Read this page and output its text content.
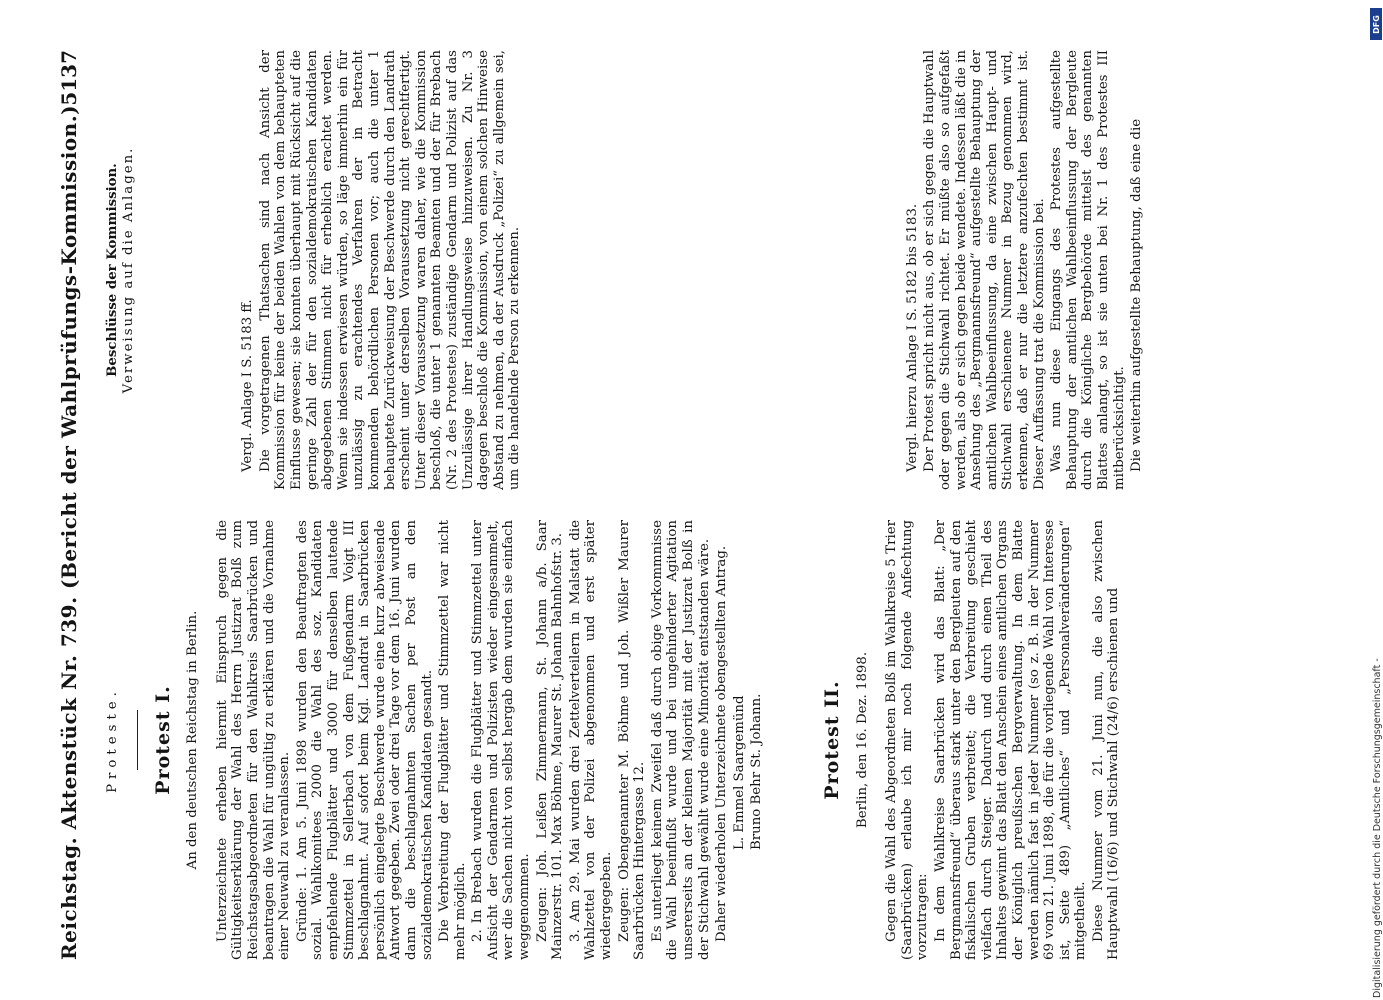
Reichstag. Aktenstück Nr. 739. (Bericht der Wahlprüfungs-Kommission.)
5137
Proteste. Protest I. An den deutschen Reichstag in Berlin. Unterzeichnete erheben hiermit Einspruch gegen die Gültigkeitserklärung der Wahl des Herrn Justizrat Bolß zum Reichstagsabgeordneten für den Wahlkreis Saarbrücken und beantragen die Wahl für ungültig zu erklären und die Vornahme einer Neuwahl zu veranlassen. Gründe: 1. Am 5. Juni 1898 wurden den Beauftragten des sozial. Wahlkomitees 2000 die Wahl des soz. Kandidaten empfehlende Flugblätter und 3000 für denselben lautende Stimmzettel in Sellerbach von dem Fußgendarm Voigt III beschlagnahmt. Auf sofort beim Kgl. Landrat in Saarbrücken persönlich eingelegte Beschwerde wurde eine kurz abweisende Antwort gegeben. Zwei oder drei Tage vor dem 16. Juni wurden dann die beschlagnahmten Sachen per Post an den sozialdemokratischen Kandidaten gesandt. Die Verbreitung der Flugblätter und Stimmzettel war nicht mehr möglich. 2. In Brebach wurden die Flugblätter und Stimmzettel unter Aufsicht der Gendarmen und Polizisten wieder eingesammelt, wer die Sachen nicht von selbst hergab dem wurden sie einfach weggenommen. Zeugen: Joh. Leißen Zimmermann, St. Johann a/b. Saar Mainzerstr. 101. Max Böhme, Maurer St. Johann Bahnhofstr. 3. 3. Am 29. Mai wurden drei Zettelverteilern in Malstatt die Wahlzettel von der Polizei abgenommen und erst später wiedergegeben. Zeugen: Obengenannter M. Böhme und Joh. Wißler Maurer Saarbrücken Hintergasse 12. Es unterliegt keinem Zweifel daß durch obige Vorkommnisse die Wahl beeinflußt wurde und bei ungehinderter Agitation unsererseits an der kleinen Majorität mit der Justizrat Bolß in der Stichwahl gewählt wurde eine Minorität entstanden wäre. Daher wiederholen Unterzeichnete obengestellten Antrag. L. Emmel Saargemünd Bruno Behr St. Johann.	Protest II. Berlin, den 16. Dez. 1898. Gegen die Wahl des Abgeordneten Bolß im Wahlkreise 5 Trier (Saarbrücken) erlaube ich mir noch folgende Anfechtung vorzutragen: In dem Wahlkreise Saarbrücken wird das Blatt: „Der Bergmannsfreund“ überaus stark unter den Bergleuten auf den fiskalischen Gruben verbreitet; die Verbreitung geschieht vielfach durch Steiger. Dadurch und durch einen Theil des Inhaltes gewinnt das Blatt den Anschein eines amtlichen Organs der Königlich preußischen Bergverwaltung. In dem Blatte werden nämlich fast in jeder Nummer (so z. B. in der Nummer 69 vom 21. Juni 1898, die für die vorliegende Wahl von Interesse ist, Seite 489) „Amtliches“ und „Personalveränderungen“ mitgetheilt. Diese Nummer vom 21. Juni nun, die also zwischen Hauptwahl (16/6) und Stichwahl (24/6) erschienen und

Beschlüsse der Kommission. Verweisung auf die Anlagen.	Vergl. Anlage I S. 5183 ff. Die vorgetragenen Thatsachen sind nach Ansicht der Kommission für keine der beiden Wahlen von dem behaupteten Einflusse gewesen; sie konnten überhaupt mit Rücksicht auf die geringe Zahl der für den sozialdemokratischen Kandidaten abgegebenen Stimmen nicht für erheblich erachtet werden. Wenn sie indessen erwiesen würden, so läge immerhin ein für unzulässig zu erachtendes Verfahren der in Betracht kommenden behördlichen Personen vor; auch die unter 1 behauptete Zurückweisung der Beschwerde durch den Landrath erscheint unter derselben Voraussetzung nicht gerechtfertigt. Unter dieser Voraussetzung waren daher, wie die Kommission beschloß, die unter 1 genannten Beamten und der für Brebach (Nr. 2 des Protestes) zuständige Gendarm und Polizist auf das Unzulässige ihrer Handlungsweise hinzuweisen. Zu Nr. 3 dagegen beschloß die Kommission, von einem solchen Hinweise Abstand zu nehmen, da der Ausdruck „Polizei“ zu allgemein sei, um die handelnde Person zu erkennen.	Vergl. hierzu Anlage I S. 5182 bis 5183. Der Protest spricht nicht aus, ob er sich gegen die Hauptwahl oder gegen die Stichwahl richtet. Er müßte also so aufgefaßt werden, als ob er sich gegen beide wendete. Indessen läßt die in Ansehung des „Bergmannsfreund“ aufgestellte Behauptung der amtlichen Wahlbeeinflussung, da eine zwischen Haupt- und Stichwahl erschienene Nummer in Bezug genommen wird, erkennen, daß er nur die letztere anzufechten bestimmt ist. Dieser Auffassung trat die Kommission bei. Was nun diese Eingangs des Protestes aufgestellte Behauptung der amtlichen Wahlbeeinflussung der Bergleute durch die Königliche Bergbehörde mittelst des genannten Blattes anlangt, so ist sie unten bei Nr. 1 des Protestes III mitberücksichtigt. Die weiterhin aufgestellte Behauptung, daß eine die

Digitalisierung gefördert durch die Deutsche Forschungsgemeinschaft -
DFG
